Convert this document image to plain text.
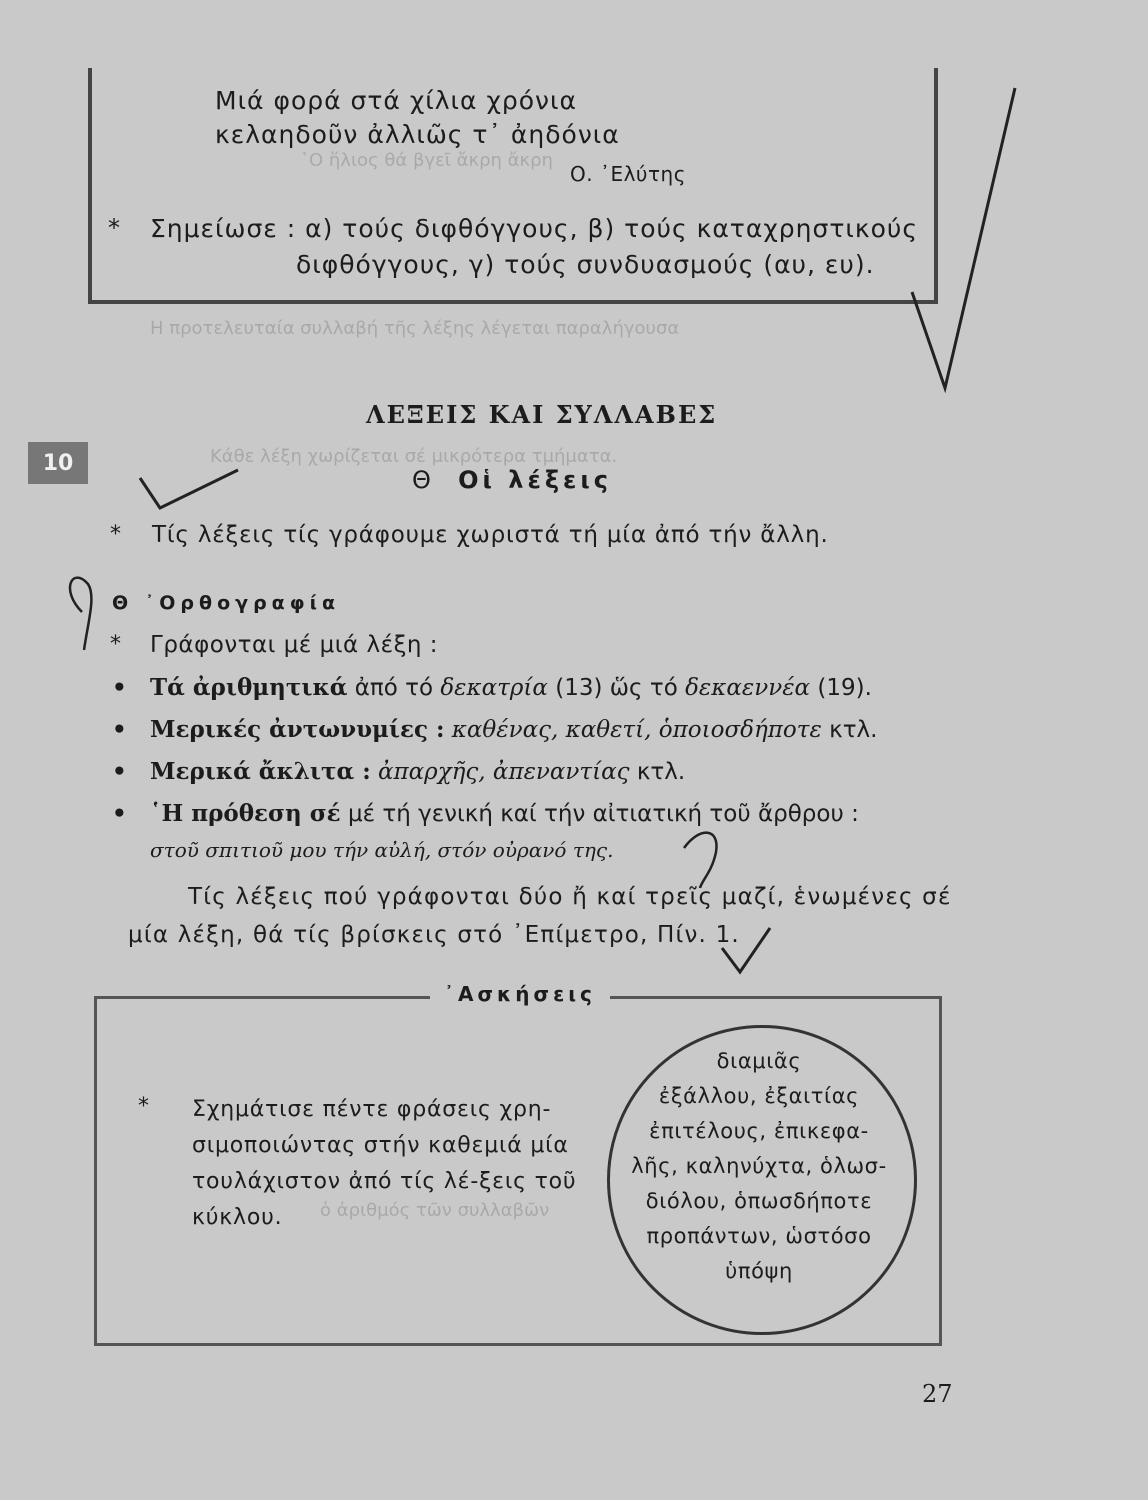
῾Ο ἥλιος θά βγεῖ ἄκρη ἄκρη
Η προτελευταία συλλαβή τῆς λέξης λέγεται παραλήγουσα
Κάθε λέξη χωρίζεται σέ μικρότερα τμήματα.
ὁ ἀριθμός τῶν συλλαβῶν
Μιά φορά στά χίλια χρόνια
κελαηδοῦν ἀλλιῶς τ᾿ ἀηδόνια
Ο. ᾿Ελύτης
* Σημείωσε : α) τούς διφθόγγους, β) τούς καταχρηστικούς
διφθόγγους, γ) τούς συνδυασμούς (αυ, ευ).
ΛΕΞΕΙΣ ΚΑΙ ΣΥΛΛΑΒΕΣ
10
Θ Οἱ λέξεις
* Τίς λέξεις τίς γράφουμε χωριστά τή μία ἀπό τήν ἄλλη.
Θ ᾿Ορθογραφία
* Γράφονται μέ μιά λέξη :
• Τά ἀριθμητικά ἀπό τό δεκατρία (13) ὥς τό δεκαεννέα (19).
• Μερικές ἀντωνυμίες : καθένας, καθετί, ὁποιοσδήποτε κτλ.
• Μερικά ἄκλιτα : ἀπαρχῆς, ἀπεναντίας κτλ.
• ῾Η πρόθεση σέ μέ τή γενική καί τήν αἰτιατική τοῦ ἄρθρου :
στοῦ σπιτιοῦ μου τήν αὐλή, στόν οὐρανό της.
Τίς λέξεις πού γράφονται δύο ἤ καί τρεῖς μαζί, ἑνωμένες σέ
μία λέξη, θά τίς βρίσκεις στό ᾿Επίμετρο, Πίν. 1.
᾿Ασκήσεις
* Σχημάτισε πέντε φράσεις χρη-σιμοποιώντας στήν καθεμιά μία τουλάχιστον ἀπό τίς λέ-ξεις τοῦ κύκλου.
διαμιᾶς
ἐξάλλου, ἐξαιτίας
ἐπιτέλους, ἐπικεφα-
λῆς, καληνύχτα, ὁλωσ-
διόλου, ὁπωσδήποτε
προπάντων, ὡστόσο
ὑπόψη
27
